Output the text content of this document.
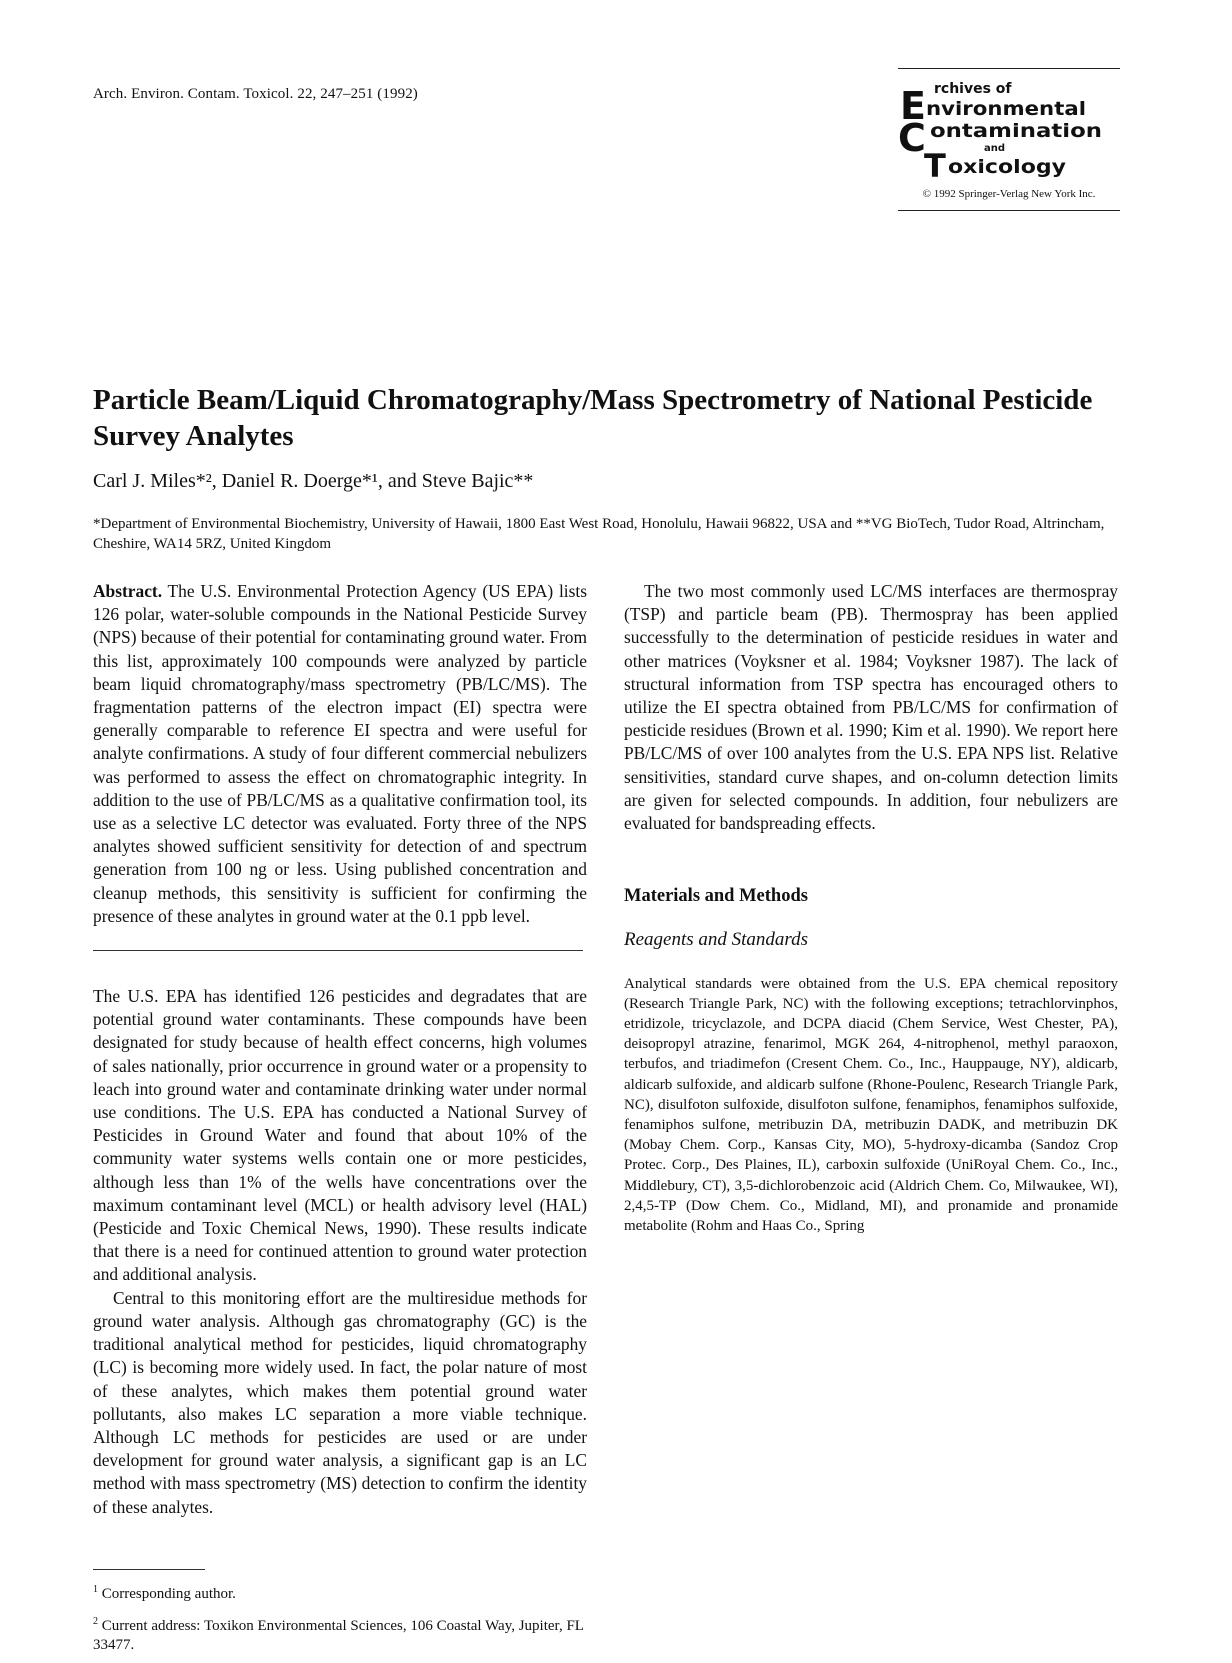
Arch. Environ. Contam. Toxicol. 22, 247–251 (1992)	E
C
T
rchives of
nvironmental
ontamination
and
oxicology
© 1992 Springer-Verlag New York Inc.
Particle Beam/Liquid Chromatography/Mass Spectrometry of National Pesticide Survey Analytes
Carl J. Miles*², Daniel R. Doerge*¹, and Steve Bajic**
*Department of Environmental Biochemistry, University of Hawaii, 1800 East West Road, Honolulu, Hawaii 96822, USA and **VG BioTech, Tudor Road, Altrincham, Cheshire, WA14 5RZ, United Kingdom

Abstract. The U.S. Environmental Protection Agency (US EPA) lists 126 polar, water-soluble compounds in the National Pesticide Survey (NPS) because of their potential for contaminating ground water. From this list, approximately 100 compounds were analyzed by particle beam liquid chromatography/mass spectrometry (PB/LC/MS). The fragmentation patterns of the electron impact (EI) spectra were generally comparable to reference EI spectra and were useful for analyte confirmations. A study of four different commercial nebulizers was performed to assess the effect on chromatographic integrity. In addition to the use of PB/LC/MS as a qualitative confirmation tool, its use as a selective LC detector was evaluated. Forty three of the NPS analytes showed sufficient sensitivity for detection of and spectrum generation from 100 ng or less. Using published concentration and cleanup methods, this sensitivity is sufficient for confirming the presence of these analytes in ground water at the 0.1 ppb level.

The U.S. EPA has identified 126 pesticides and degradates that are potential ground water contaminants. These compounds have been designated for study because of health effect concerns, high volumes of sales nationally, prior occurrence in ground water or a propensity to leach into ground water and contaminate drinking water under normal use conditions. The U.S. EPA has conducted a National Survey of Pesticides in Ground Water and found that about 10% of the community water systems wells contain one or more pesticides, although less than 1% of the wells have concentrations over the maximum contaminant level (MCL) or health advisory level (HAL) (Pesticide and Toxic Chemical News, 1990). These results indicate that there is a need for continued attention to ground water protection and additional analysis.

Central to this monitoring effort are the multiresidue methods for ground water analysis. Although gas chromatography (GC) is the traditional analytical method for pesticides, liquid chromatography (LC) is becoming more widely used. In fact, the polar nature of most of these analytes, which makes them potential ground water pollutants, also makes LC separation a more viable technique. Although LC methods for pesticides are used or are under development for ground water analysis, a significant gap is an LC method with mass spectrometry (MS) detection to confirm the identity of these analytes.

$^1$ Corresponding author.

$^2$ Current address: Toxikon Environmental Sciences, 106 Coastal Way, Jupiter, FL 33477.

The two most commonly used LC/MS interfaces are thermospray (TSP) and particle beam (PB). Thermospray has been applied successfully to the determination of pesticide residues in water and other matrices (Voyksner et al. 1984; Voyksner 1987). The lack of structural information from TSP spectra has encouraged others to utilize the EI spectra obtained from PB/LC/MS for confirmation of pesticide residues (Brown et al. 1990; Kim et al. 1990). We report here PB/LC/MS of over 100 analytes from the U.S. EPA NPS list. Relative sensitivities, standard curve shapes, and on-column detection limits are given for selected compounds. In addition, four nebulizers are evaluated for bandspreading effects.

Materials and Methods

Reagents and Standards

Analytical standards were obtained from the U.S. EPA chemical repository (Research Triangle Park, NC) with the following exceptions; tetrachlorvinphos, etridizole, tricyclazole, and DCPA diacid (Chem Service, West Chester, PA), deisopropyl atrazine, fenarimol, MGK 264, 4-nitrophenol, methyl paraoxon, terbufos, and triadimefon (Cresent Chem. Co., Inc., Hauppauge, NY), aldicarb, aldicarb sulfoxide, and aldicarb sulfone (Rhone-Poulenc, Research Triangle Park, NC), disulfoton sulfoxide, disulfoton sulfone, fenamiphos, fenamiphos sulfoxide, fenamiphos sulfone, metribuzin DA, metribuzin DADK, and metribuzin DK (Mobay Chem. Corp., Kansas City, MO), 5-hydroxy-dicamba (Sandoz Crop Protec. Corp., Des Plaines, IL), carboxin sulfoxide (UniRoyal Chem. Co., Inc., Middlebury, CT), 3,5-dichlorobenzoic acid (Aldrich Chem. Co, Milwaukee, WI), 2,4,5-TP (Dow Chem. Co., Midland, MI), and pronamide and pronamide metabolite (Rohm and Haas Co., Spring
